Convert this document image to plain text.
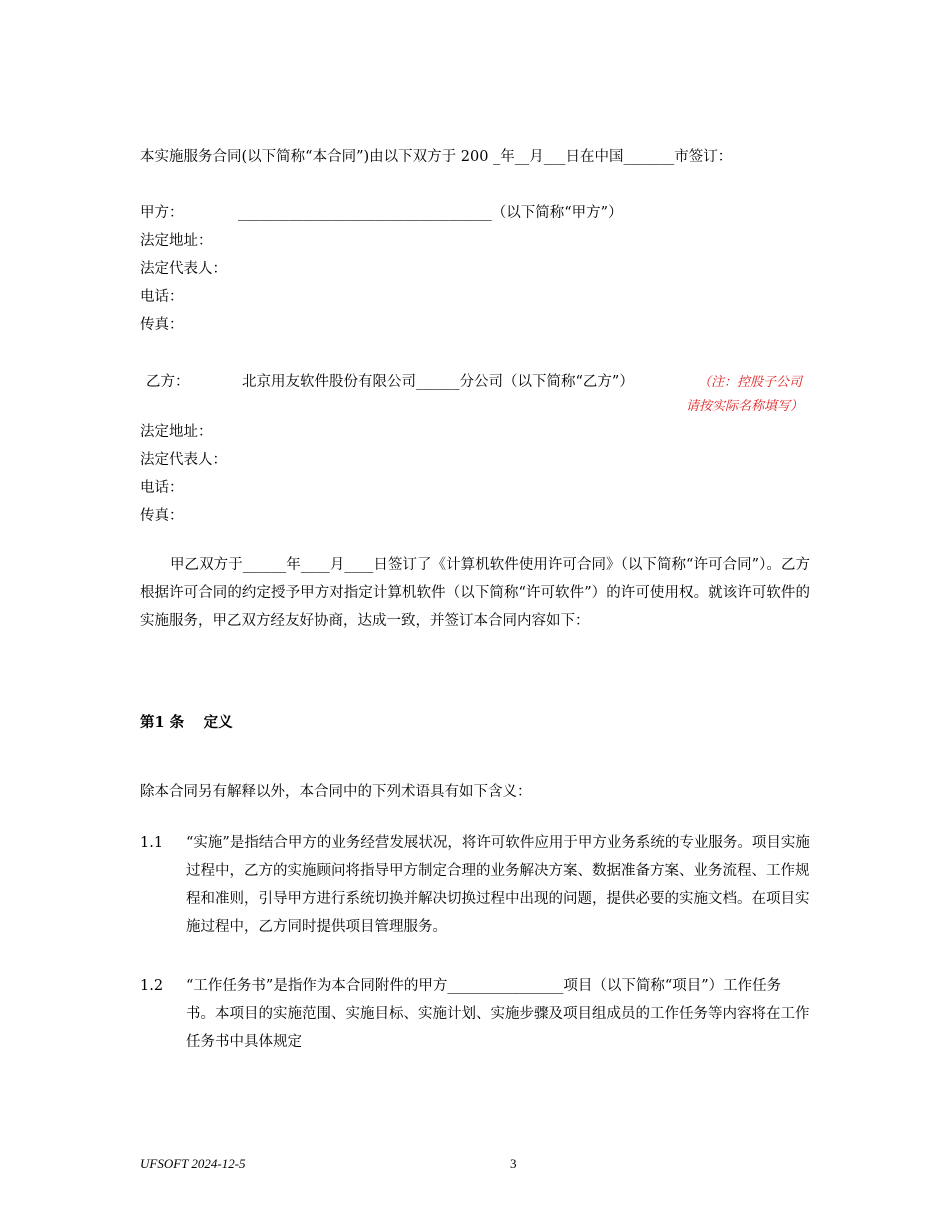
本实施服务合同(以下简称“本合同”)由以下双方于 200 _年__月___日在中国_______市签订：
甲方：	___________________________________（以下简称“甲方”）
法定地址：
法定代表人：
电话：
传真：
乙方：	北京用友软件股份有限公司______分公司（以下简称“乙方”）	（注：控股子公司
请按实际名称填写）
法定地址：
法定代表人：
电话：
传真：
甲乙双方于______年____月____日签订了《计算机软件使用许可合同》（以下简称“许可合同”）。乙方根据许可合同的约定授予甲方对指定计算机软件（以下简称“许可软件”）的许可使用权。就该许可软件的实施服务，甲乙双方经友好协商，达成一致，并签订本合同内容如下：
第1 条　 定义
除本合同另有解释以外，本合同中的下列术语具有如下含义：
1.1 “实施”是指结合甲方的业务经营发展状况，将许可软件应用于甲方业务系统的专业服务。项目实施过程中，乙方的实施顾问将指导甲方制定合理的业务解决方案、数据准备方案、业务流程、工作规程和准则，引导甲方进行系统切换并解决切换过程中出现的问题，提供必要的实施文档。在项目实施过程中，乙方同时提供项目管理服务。
1.2 “工作任务书”是指作为本合同附件的甲方________________项目（以下简称“项目”）工作任务书。本项目的实施范围、实施目标、实施计划、实施步骤及项目组成员的工作任务等内容将在工作任务书中具体规定
UFSOFT 2024-12-5	3
